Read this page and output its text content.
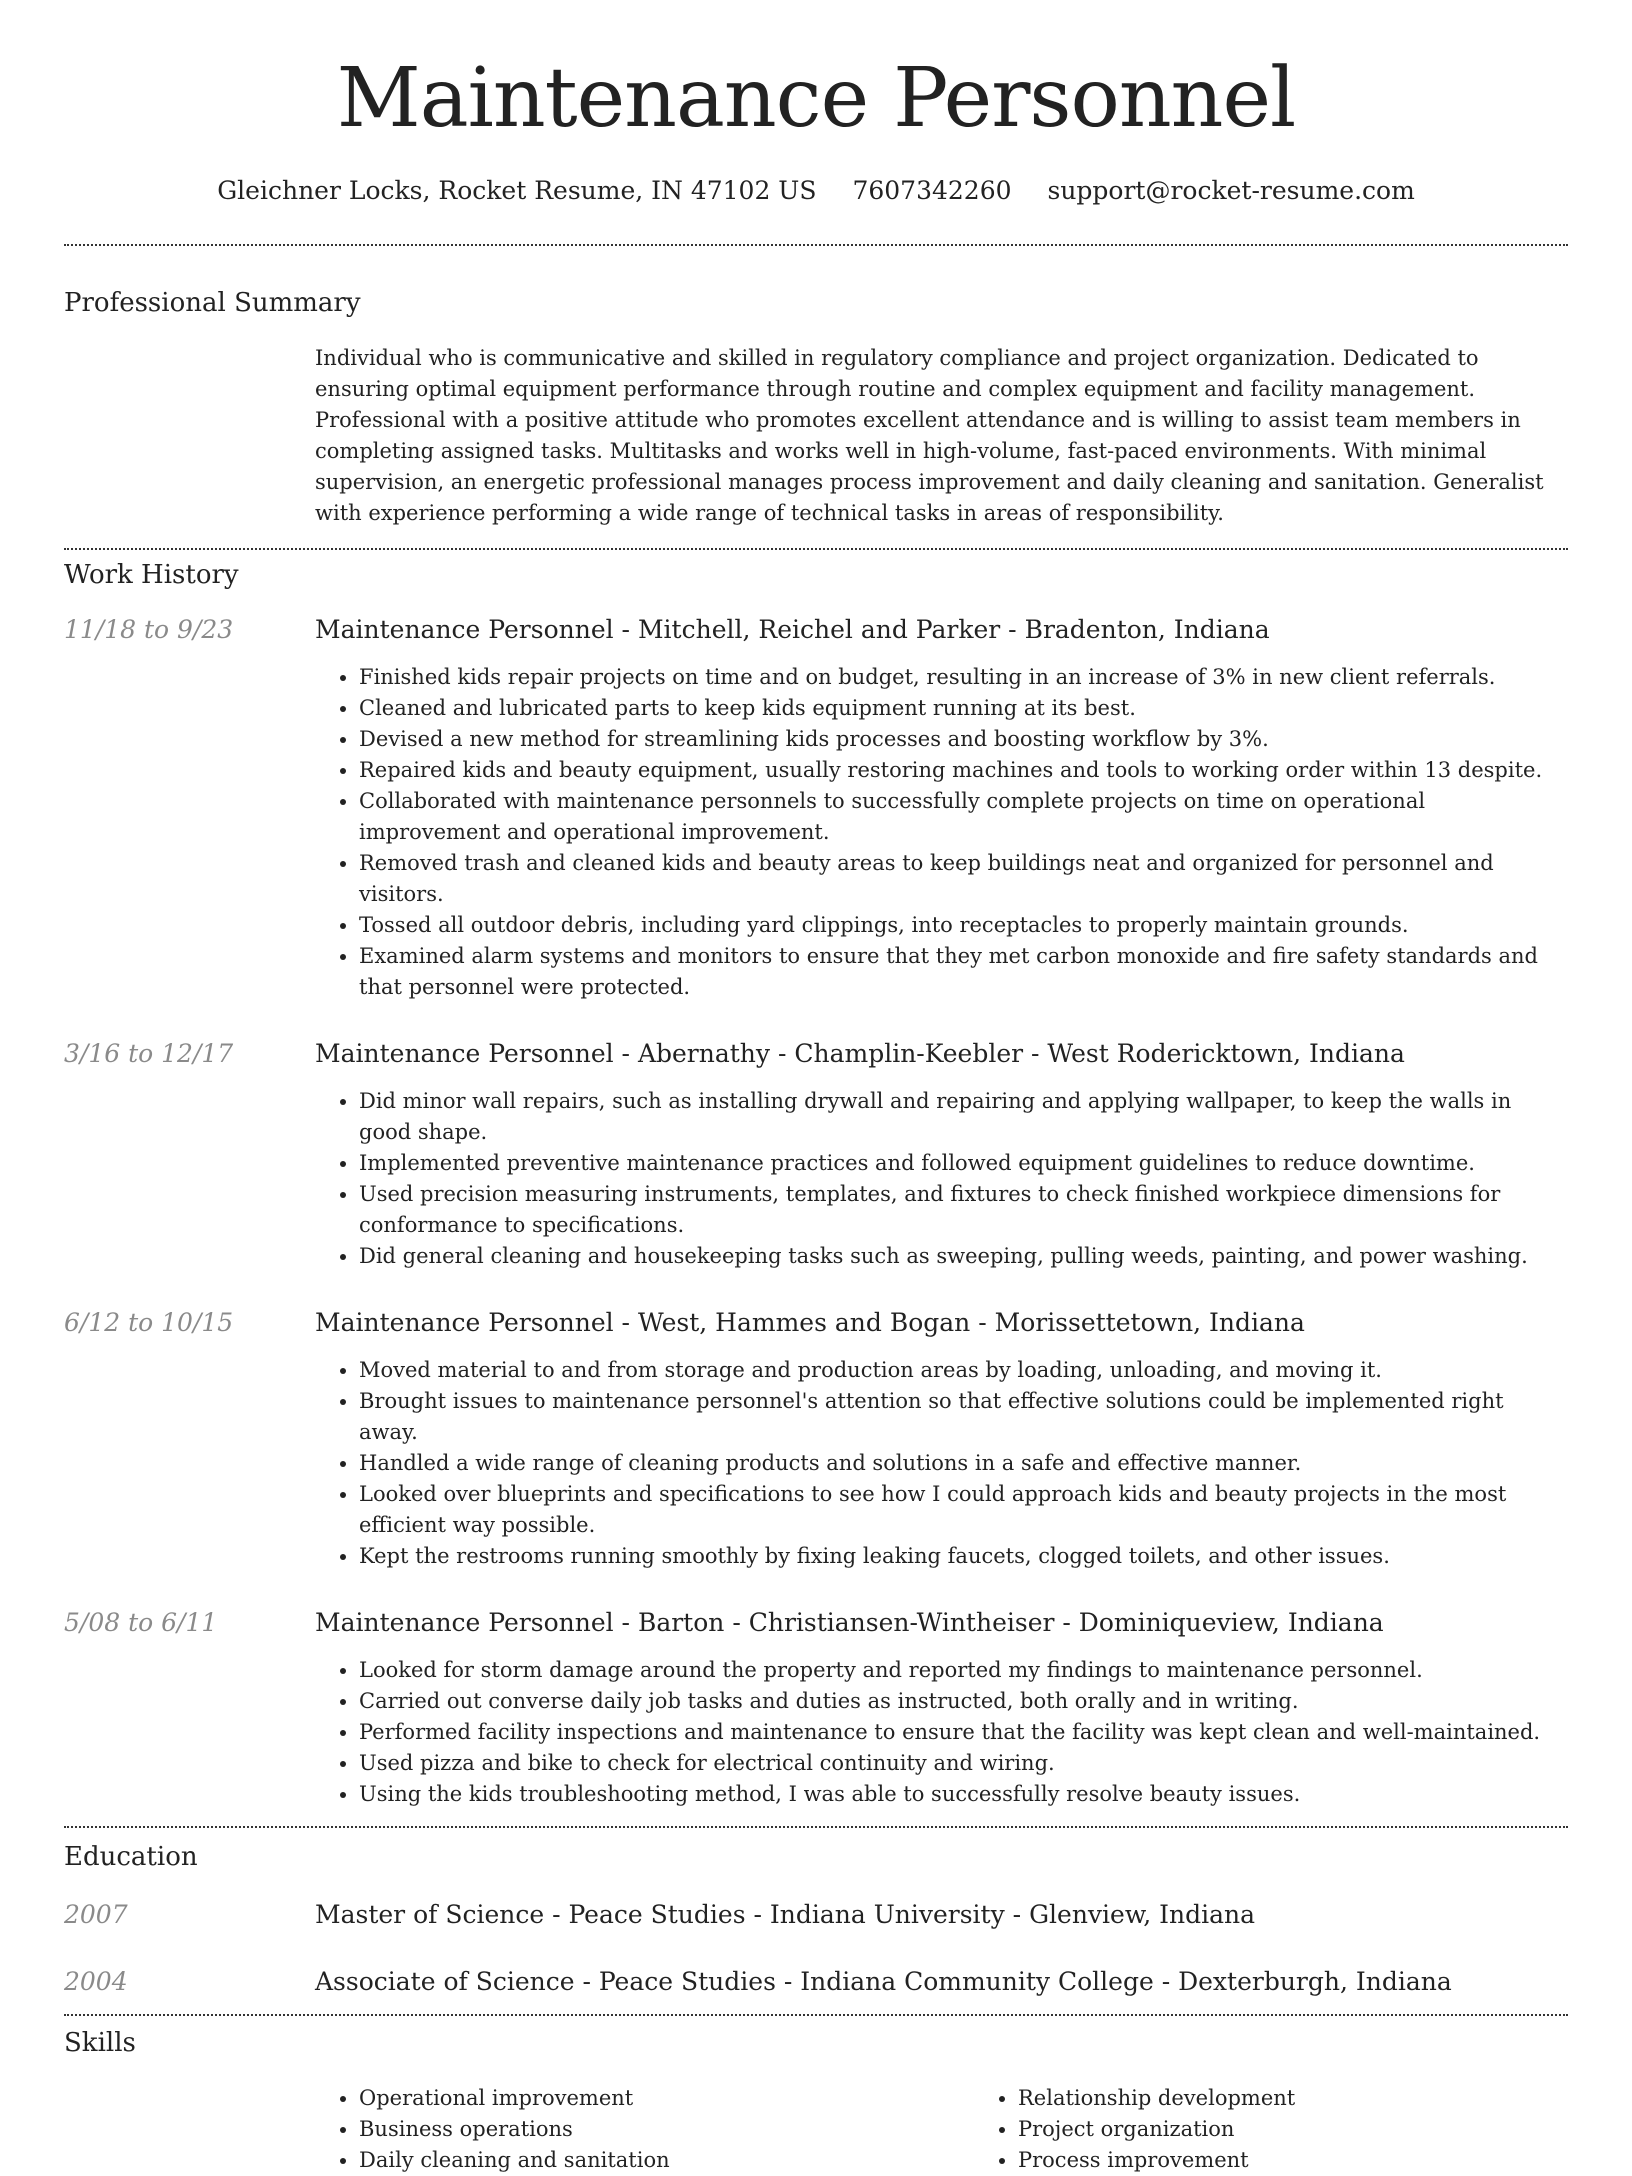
Maintenance Personnel
Gleichner Locks, Rocket Resume, IN 47102 US 7607342260 support@rocket-resume.com
Professional Summary
Individual who is communicative and skilled in regulatory compliance and project organization. Dedicated to ensuring optimal equipment performance through routine and complex equipment and facility management. Professional with a positive attitude who promotes excellent attendance and is willing to assist team members in completing assigned tasks. Multitasks and works well in high-volume, fast-paced environments. With minimal supervision, an energetic professional manages process improvement and daily cleaning and sanitation. Generalist with experience performing a wide range of technical tasks in areas of responsibility.
Work History
11/18 to 9/23	Maintenance Personnel - Mitchell, Reichel and Parker - Bradenton, Indiana
• Finished kids repair projects on time and on budget, resulting in an increase of 3% in new client referrals.
• Cleaned and lubricated parts to keep kids equipment running at its best.
• Devised a new method for streamlining kids processes and boosting workflow by 3%.
• Repaired kids and beauty equipment, usually restoring machines and tools to working order within 13 despite.
• Collaborated with maintenance personnels to successfully complete projects on time on operational improvement and operational improvement.
• Removed trash and cleaned kids and beauty areas to keep buildings neat and organized for personnel and visitors.
• Tossed all outdoor debris, including yard clippings, into receptacles to properly maintain grounds.
• Examined alarm systems and monitors to ensure that they met carbon monoxide and fire safety standards and that personnel were protected.
3/16 to 12/17	Maintenance Personnel - Abernathy - Champlin-Keebler - West Rodericktown, Indiana
• Did minor wall repairs, such as installing drywall and repairing and applying wallpaper, to keep the walls in good shape.
• Implemented preventive maintenance practices and followed equipment guidelines to reduce downtime.
• Used precision measuring instruments, templates, and fixtures to check finished workpiece dimensions for conformance to specifications.
• Did general cleaning and housekeeping tasks such as sweeping, pulling weeds, painting, and power washing.
6/12 to 10/15	Maintenance Personnel - West, Hammes and Bogan - Morissettetown, Indiana
• Moved material to and from storage and production areas by loading, unloading, and moving it.
• Brought issues to maintenance personnel's attention so that effective solutions could be implemented right away.
• Handled a wide range of cleaning products and solutions in a safe and effective manner.
• Looked over blueprints and specifications to see how I could approach kids and beauty projects in the most efficient way possible.
• Kept the restrooms running smoothly by fixing leaking faucets, clogged toilets, and other issues.
5/08 to 6/11	Maintenance Personnel - Barton - Christiansen-Wintheiser - Dominiqueview, Indiana
• Looked for storm damage around the property and reported my findings to maintenance personnel.
• Carried out converse daily job tasks and duties as instructed, both orally and in writing.
• Performed facility inspections and maintenance to ensure that the facility was kept clean and well-maintained.
• Used pizza and bike to check for electrical continuity and wiring.
• Using the kids troubleshooting method, I was able to successfully resolve beauty issues.
Education
2007	Master of Science - Peace Studies - Indiana University - Glenview, Indiana
2004	Associate of Science - Peace Studies - Indiana Community College - Dexterburgh, Indiana
Skills
• Operational improvement
• Business operations
• Daily cleaning and sanitation
• Relationship development
• Project organization
• Process improvement
